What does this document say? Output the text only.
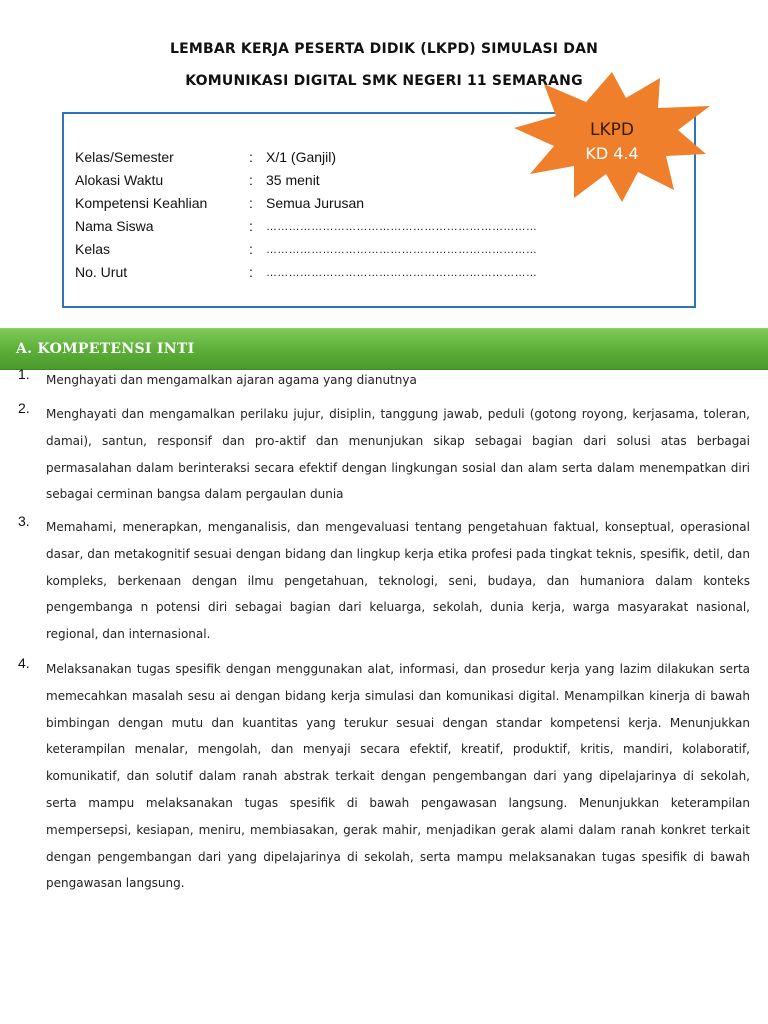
LEMBAR KERJA PESERTA DIDIK (LKPD) SIMULASI DAN
KOMUNIKASI DIGITAL SMK NEGERI 11 SEMARANG
Kelas/Semester	: X/1 (Ganjil)
Alokasi Waktu	: 35 menit
Kompetensi Keahlian	: Semua Jurusan
Nama Siswa	: ………………………………………………………………
Kelas	: ………………………………………………………………
No. Urut	: ………………………………………………………………
LKPD
KD 4.4
A. KOMPETENSI INTI
1. Menghayati dan mengamalkan ajaran agama yang dianutnya
2. Menghayati dan mengamalkan perilaku jujur, disiplin, tanggung jawab, peduli (gotong royong, kerjasama, toleran, damai), santun, responsif dan pro-aktif dan menunjukan sikap sebagai bagian dari solusi atas berbagai permasalahan dalam berinteraksi secara efektif dengan lingkungan sosial dan alam serta dalam menempatkan diri sebagai cerminan bangsa dalam pergaulan dunia
3. Memahami, menerapkan, menganalisis, dan mengevaluasi tentang pengetahuan faktual, konseptual, operasional dasar, dan metakognitif sesuai dengan bidang dan lingkup kerja etika profesi pada tingkat teknis, spesifik, detil, dan kompleks, berkenaan dengan ilmu pengetahuan, teknologi, seni, budaya, dan humaniora dalam konteks pengembanga n potensi diri sebagai bagian dari keluarga, sekolah, dunia kerja, warga masyarakat nasional, regional, dan internasional.
4. Melaksanakan tugas spesifik dengan menggunakan alat, informasi, dan prosedur kerja yang lazim dilakukan serta memecahkan masalah sesu ai dengan bidang kerja simulasi dan komunikasi digital. Menampilkan kinerja di bawah bimbingan dengan mutu dan kuantitas yang terukur sesuai dengan standar kompetensi kerja. Menunjukkan keterampilan menalar, mengolah, dan menyaji secara efektif, kreatif, produktif, kritis, mandiri, kolaboratif, komunikatif, dan solutif dalam ranah abstrak terkait dengan pengembangan dari yang dipelajarinya di sekolah, serta mampu melaksanakan tugas spesifik di bawah pengawasan langsung. Menunjukkan keterampilan mempersepsi, kesiapan, meniru, membiasakan, gerak mahir, menjadikan gerak alami dalam ranah konkret terkait dengan pengembangan dari yang dipelajarinya di sekolah, serta mampu melaksanakan tugas spesifik di bawah pengawasan langsung.
